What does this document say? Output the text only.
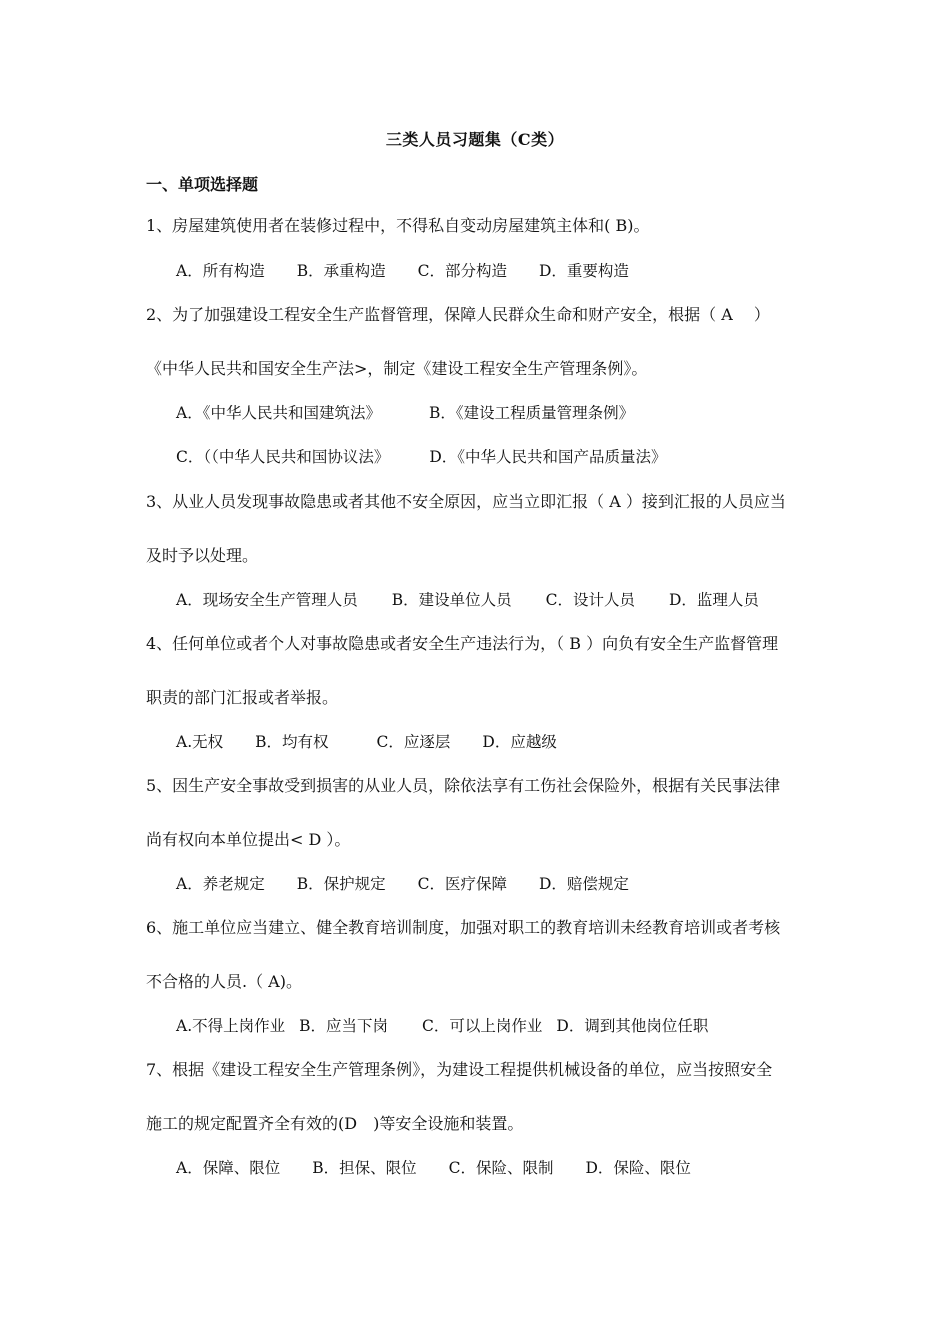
三类人员习题集（C类）
一、单项选择题
1、房屋建筑使用者在装修过程中，不得私自变动房屋建筑主体和( B)。
A．所有构造 B．承重构造 C．部分构造 D．重要构造
2、为了加强建设工程安全生产监督管理，保障人民群众生命和财产安全，根据（ A　 ）
《中华人民共和国安全生产法>，制定《建设工程安全生产管理条例》。
A．《中华人民共和国建筑法》	B．《建设工程质量管理条例》
C．（（中华人民共和国协议法》	D．《中华人民共和国产品质量法》
3、从业人员发现事故隐患或者其他不安全原因，应当立即汇报（ A ）接到汇报的人员应当
及时予以处理。
A．现场安全生产管理人员 B．建设单位人员 C．设计人员 D．监理人员
4、任何单位或者个人对事故隐患或者安全生产违法行为，（ B ）向负有安全生产监督管理
职责的部门汇报或者举报。
A.无权 B．均有权	C．应逐层 D．应越级
5、因生产安全事故受到损害的从业人员，除依法享有工伤社会保险外，根据有关民事法律
尚有权向本单位提出< D ）。
A．养老规定 B．保护规定 C．医疗保障 D．赔偿规定
6、施工单位应当建立、健全教育培训制度，加强对职工的教育培训未经教育培训或者考核
不合格的人员.（ A)。
A.不得上岗作业 B．应当下岗 C．可以上岗作业 D．调到其他岗位任职
7、根据《建设工程安全生产管理条例》，为建设工程提供机械设备的单位，应当按照安全
施工的规定配置齐全有效的(D　)等安全设施和装置。
A．保障、限位 B．担保、限位 C．保险、限制 D．保险、限位
